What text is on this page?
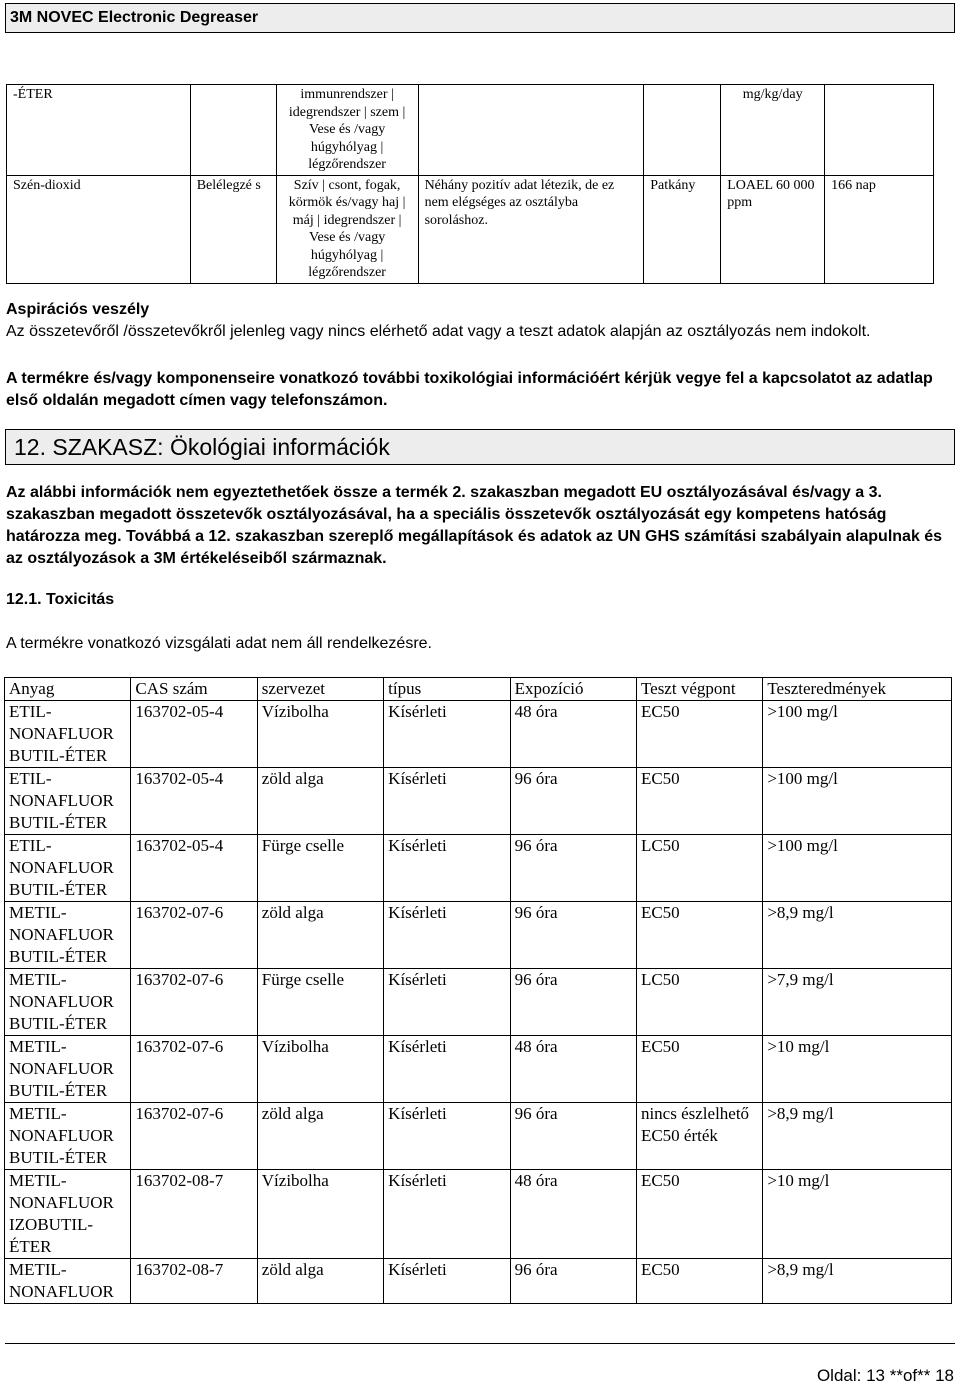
3M NOVEC Electronic Degreaser
-ÉTER		immunrendszer | idegrendszer | szem | Vese és /vagy húgyhólyag | légzőrendszer			mg/kg/day	
Szén-dioxid	Belélegzé s	Szív | csont, fogak, körmök és/vagy haj | máj | idegrendszer | Vese és /vagy húgyhólyag | légzőrendszer	Néhány pozitív adat létezik, de ez nem elégséges az osztályba soroláshoz.	Patkány	LOAEL 60 000 ppm	166 nap
Aspirációs veszély
Az összetevőről /összetevőkről jelenleg vagy nincs elérhető adat vagy a teszt adatok alapján az osztályozás nem indokolt.
A termékre és/vagy komponenseire vonatkozó további toxikológiai információért kérjük vegye fel a kapcsolatot az adatlap első oldalán megadott címen vagy telefonszámon.
12. SZAKASZ: Ökológiai információk
Az alábbi információk nem egyeztethetőek össze a termék 2. szakaszban megadott EU osztályozásával és/vagy a 3. szakaszban megadott összetevők osztályozásával, ha a speciális összetevők osztályozását egy kompetens hatóság határozza meg. Továbbá a 12. szakaszban szereplő megállapítások és adatok az UN GHS számítási szabályain alapulnak és az osztályozások a 3M értékeléseiből származnak.
12.1. Toxicitás
A termékre vonatkozó vizsgálati adat nem áll rendelkezésre.
Anyag	CAS szám	szervezet	típus	Expozíció	Teszt végpont	Teszteredmények
ETIL-NONAFLUOR BUTIL-ÉTER	163702-05-4	Vízibolha	Kísérleti	48 óra	EC50	>100 mg/l
ETIL-NONAFLUOR BUTIL-ÉTER	163702-05-4	zöld alga	Kísérleti	96 óra	EC50	>100 mg/l
ETIL-NONAFLUOR BUTIL-ÉTER	163702-05-4	Fürge cselle	Kísérleti	96 óra	LC50	>100 mg/l
METIL-NONAFLUOR BUTIL-ÉTER	163702-07-6	zöld alga	Kísérleti	96 óra	EC50	>8,9 mg/l
METIL-NONAFLUOR BUTIL-ÉTER	163702-07-6	Fürge cselle	Kísérleti	96 óra	LC50	>7,9 mg/l
METIL-NONAFLUOR BUTIL-ÉTER	163702-07-6	Vízibolha	Kísérleti	48 óra	EC50	>10 mg/l
METIL-NONAFLUOR BUTIL-ÉTER	163702-07-6	zöld alga	Kísérleti	96 óra	nincs észlelhető EC50 érték	>8,9 mg/l
METIL-NONAFLUOR IZOBUTIL-ÉTER	163702-08-7	Vízibolha	Kísérleti	48 óra	EC50	>10 mg/l
METIL-NONAFLUOR	163702-08-7	zöld alga	Kísérleti	96 óra	EC50	>8,9 mg/l
Oldal: 13 **of** 18
